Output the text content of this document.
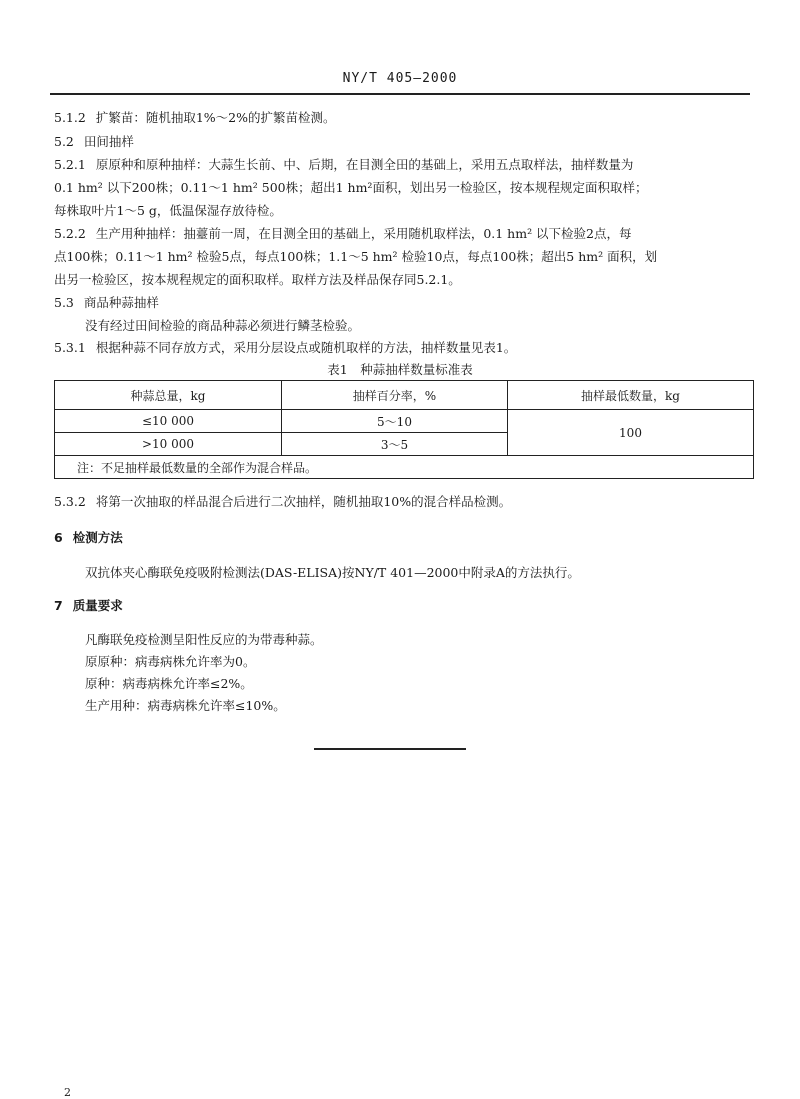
NY/T 405—2000
5.1.2 扩繁苗：随机抽取1%～2%的扩繁苗检测。
5.2 田间抽样
5.2.1 原原种和原种抽样：大蒜生长前、中、后期，在目测全田的基础上，采用五点取样法，抽样数量为
0.1 hm² 以下200株；0.11～1 hm² 500株；超出1 hm²面积，划出另一检验区，按本规程规定面积取样；
每株取叶片1～5 g，低温保湿存放待检。
5.2.2 生产用种抽样：抽薹前一周，在目测全田的基础上，采用随机取样法，0.1 hm² 以下检验2点，每
点100株；0.11～1 hm² 检验5点，每点100株；1.1～5 hm² 检验10点，每点100株；超出5 hm² 面积，划
出另一检验区，按本规程规定的面积取样。取样方法及样品保存同5.2.1。
5.3 商品种蒜抽样
没有经过田间检验的商品种蒜必须进行鳞茎检验。
5.3.1 根据种蒜不同存放方式，采用分层设点或随机取样的方法，抽样数量见表1。
表1　种蒜抽样数量标准表
种蒜总量，kg	抽样百分率，%	抽样最低数量，kg
≤10 000	5～10	100
>10 000	3～5	
注：不足抽样最低数量的全部作为混合样品。		
5.3.2 将第一次抽取的样品混合后进行二次抽样，随机抽取10%的混合样品检测。
6 检测方法
双抗体夹心酶联免疫吸附检测法(DAS-ELISA)按NY/T 401—2000中附录A的方法执行。
7 质量要求
凡酶联免疫检测呈阳性反应的为带毒种蒜。
原原种：病毒病株允许率为0。
原种：病毒病株允许率≤2%。
生产用种：病毒病株允许率≤10%。
2
